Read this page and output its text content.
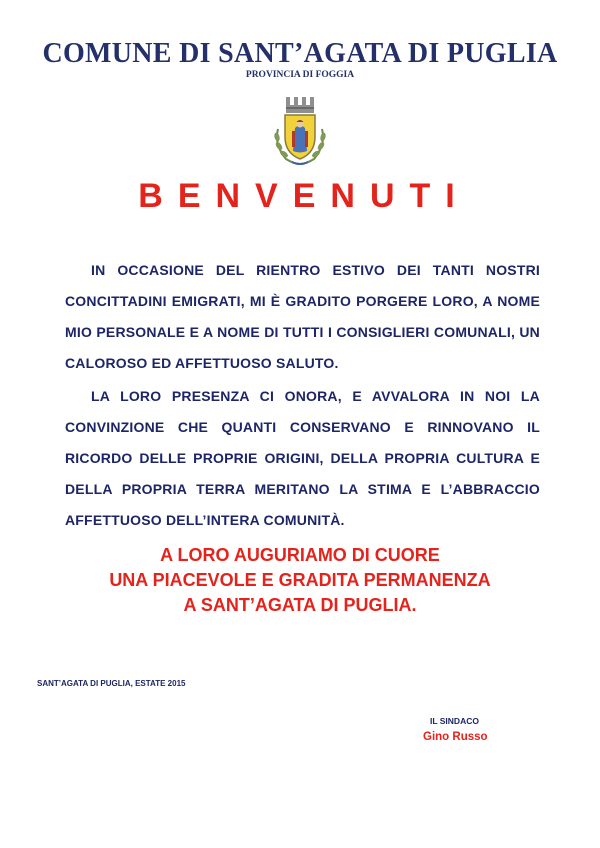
COMUNE DI SANT’AGATA DI PUGLIA
PROVINCIA DI FOGGIA
BENVENUTI

IN OCCASIONE DEL RIENTRO ESTIVO DEI TANTI NOSTRI CONCITTADINI EMIGRATI, MI È GRADITO PORGERE LORO, A NOME MIO PERSONALE E A NOME DI TUTTI I CONSIGLIERI COMUNALI, UN CALOROSO ED AFFETTUOSO SALUTO.

LA LORO PRESENZA CI ONORA, E AVVALORA IN NOI LA CONVINZIONE CHE QUANTI CONSERVANO E RINNOVANO IL RICORDO DELLE PROPRIE ORIGINI, DELLA PROPRIA CULTURA E DELLA PROPRIA TERRA MERITANO LA STIMA E L’ABBRACCIO AFFETTUOSO DELL’INTERA COMUNITÀ.

A LORO AUGURIAMO DI CUORE
UNA PIACEVOLE E GRADITA PERMANENZA
A SANT’AGATA DI PUGLIA.
SANT’AGATA DI PUGLIA, ESTATE 2015
IL SINDACO
Gino Russo
